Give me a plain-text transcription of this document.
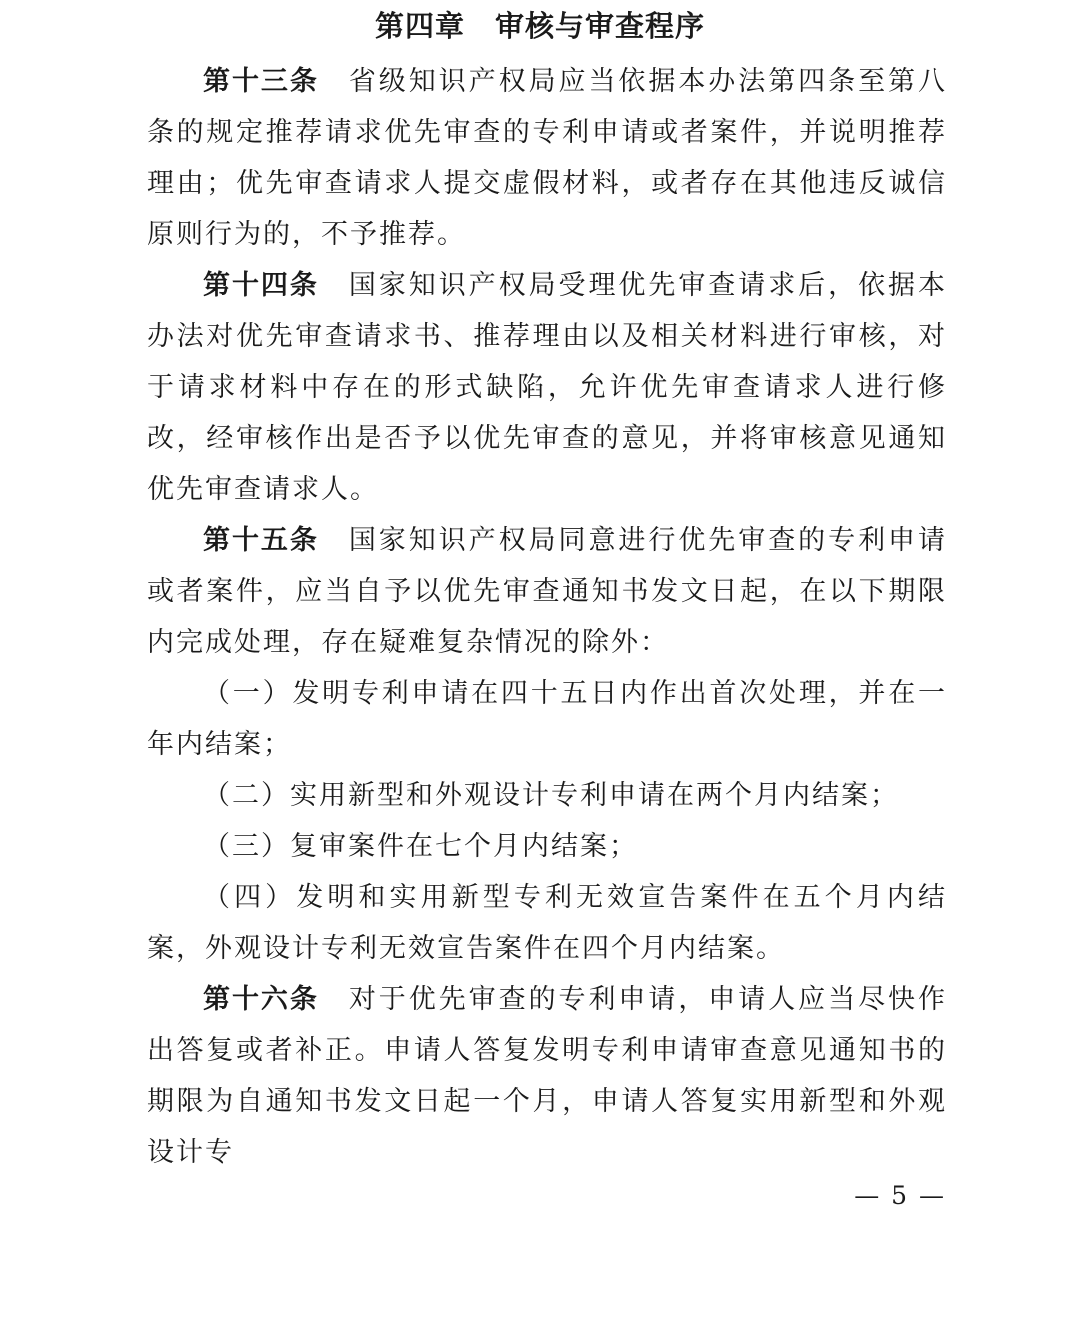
第四章　审核与审查程序

第十三条 省级知识产权局应当依据本办法第四条至第八条的规定推荐请求优先审查的专利申请或者案件，并说明推荐理由；优先审查请求人提交虚假材料，或者存在其他违反诚信原则行为的，不予推荐。

第十四条 国家知识产权局受理优先审查请求后，依据本办法对优先审查请求书、推荐理由以及相关材料进行审核，对于请求材料中存在的形式缺陷，允许优先审查请求人进行修改，经审核作出是否予以优先审查的意见，并将审核意见通知优先审查请求人。

第十五条 国家知识产权局同意进行优先审查的专利申请或者案件，应当自予以优先审查通知书发文日起，在以下期限内完成处理，存在疑难复杂情况的除外：

（一）发明专利申请在四十五日内作出首次处理，并在一年内结案；

（二）实用新型和外观设计专利申请在两个月内结案；

（三）复审案件在七个月内结案；

（四）发明和实用新型专利无效宣告案件在五个月内结案，外观设计专利无效宣告案件在四个月内结案。

第十六条 对于优先审查的专利申请，申请人应当尽快作出答复或者补正。申请人答复发明专利申请审查意见通知书的期限为自通知书发文日起一个月，申请人答复实用新型和外观设计专

— 5 —
